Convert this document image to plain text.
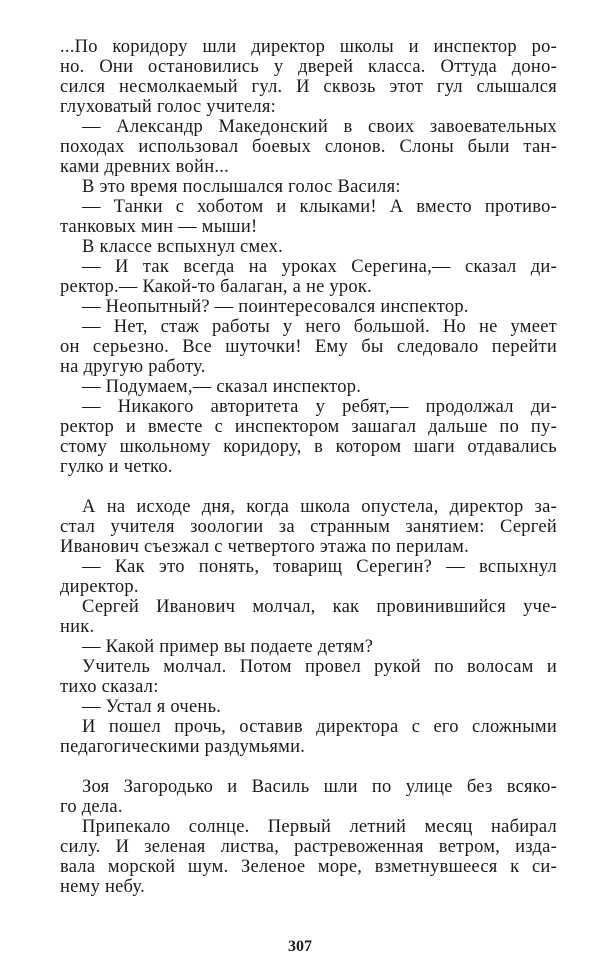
...По коридору шли директор школы и инспектор ро-
но. Они остановились у дверей класса. Оттуда доно-
сился несмолкаемый гул. И сквозь этот гул слышался
глуховатый голос учителя:
— Александр Македонский в своих завоевательных
походах использовал боевых слонов. Слоны были тан-
ками древних войн...
В это время послышался голос Василя:
— Танки с хоботом и клыками! А вместо противо-
танковых мин — мыши!
В классе вспыхнул смех.
— И так всегда на уроках Серегина,— сказал ди-
ректор.— Какой-то балаган, а не урок.
— Неопытный? — поинтересовался инспектор.
— Нет, стаж работы у него большой. Но не умеет
он серьезно. Все шуточки! Ему бы следовало перейти
на другую работу.
— Подумаем,— сказал инспектор.
— Никакого авторитета у ребят,— продолжал ди-
ректор и вместе с инспектором зашагал дальше по пу-
стому школьному коридору, в котором шаги отдавались
гулко и четко.
А на исходе дня, когда школа опустела, директор за-
стал учителя зоологии за странным занятием: Сергей
Иванович съезжал с четвертого этажа по перилам.
— Как это понять, товарищ Серегин? — вспыхнул
директор.
Сергей Иванович молчал, как провинившийся уче-
ник.
— Какой пример вы подаете детям?
Учитель молчал. Потом провел рукой по волосам и
тихо сказал:
— Устал я очень.
И пошел прочь, оставив директора с его сложными
педагогическими раздумьями.
Зоя Загородько и Василь шли по улице без всяко-
го дела.
Припекало солнце. Первый летний месяц набирал
силу. И зеленая листва, растревоженная ветром, изда-
вала морской шум. Зеленое море, взметнувшееся к си-
нему небу.
307
